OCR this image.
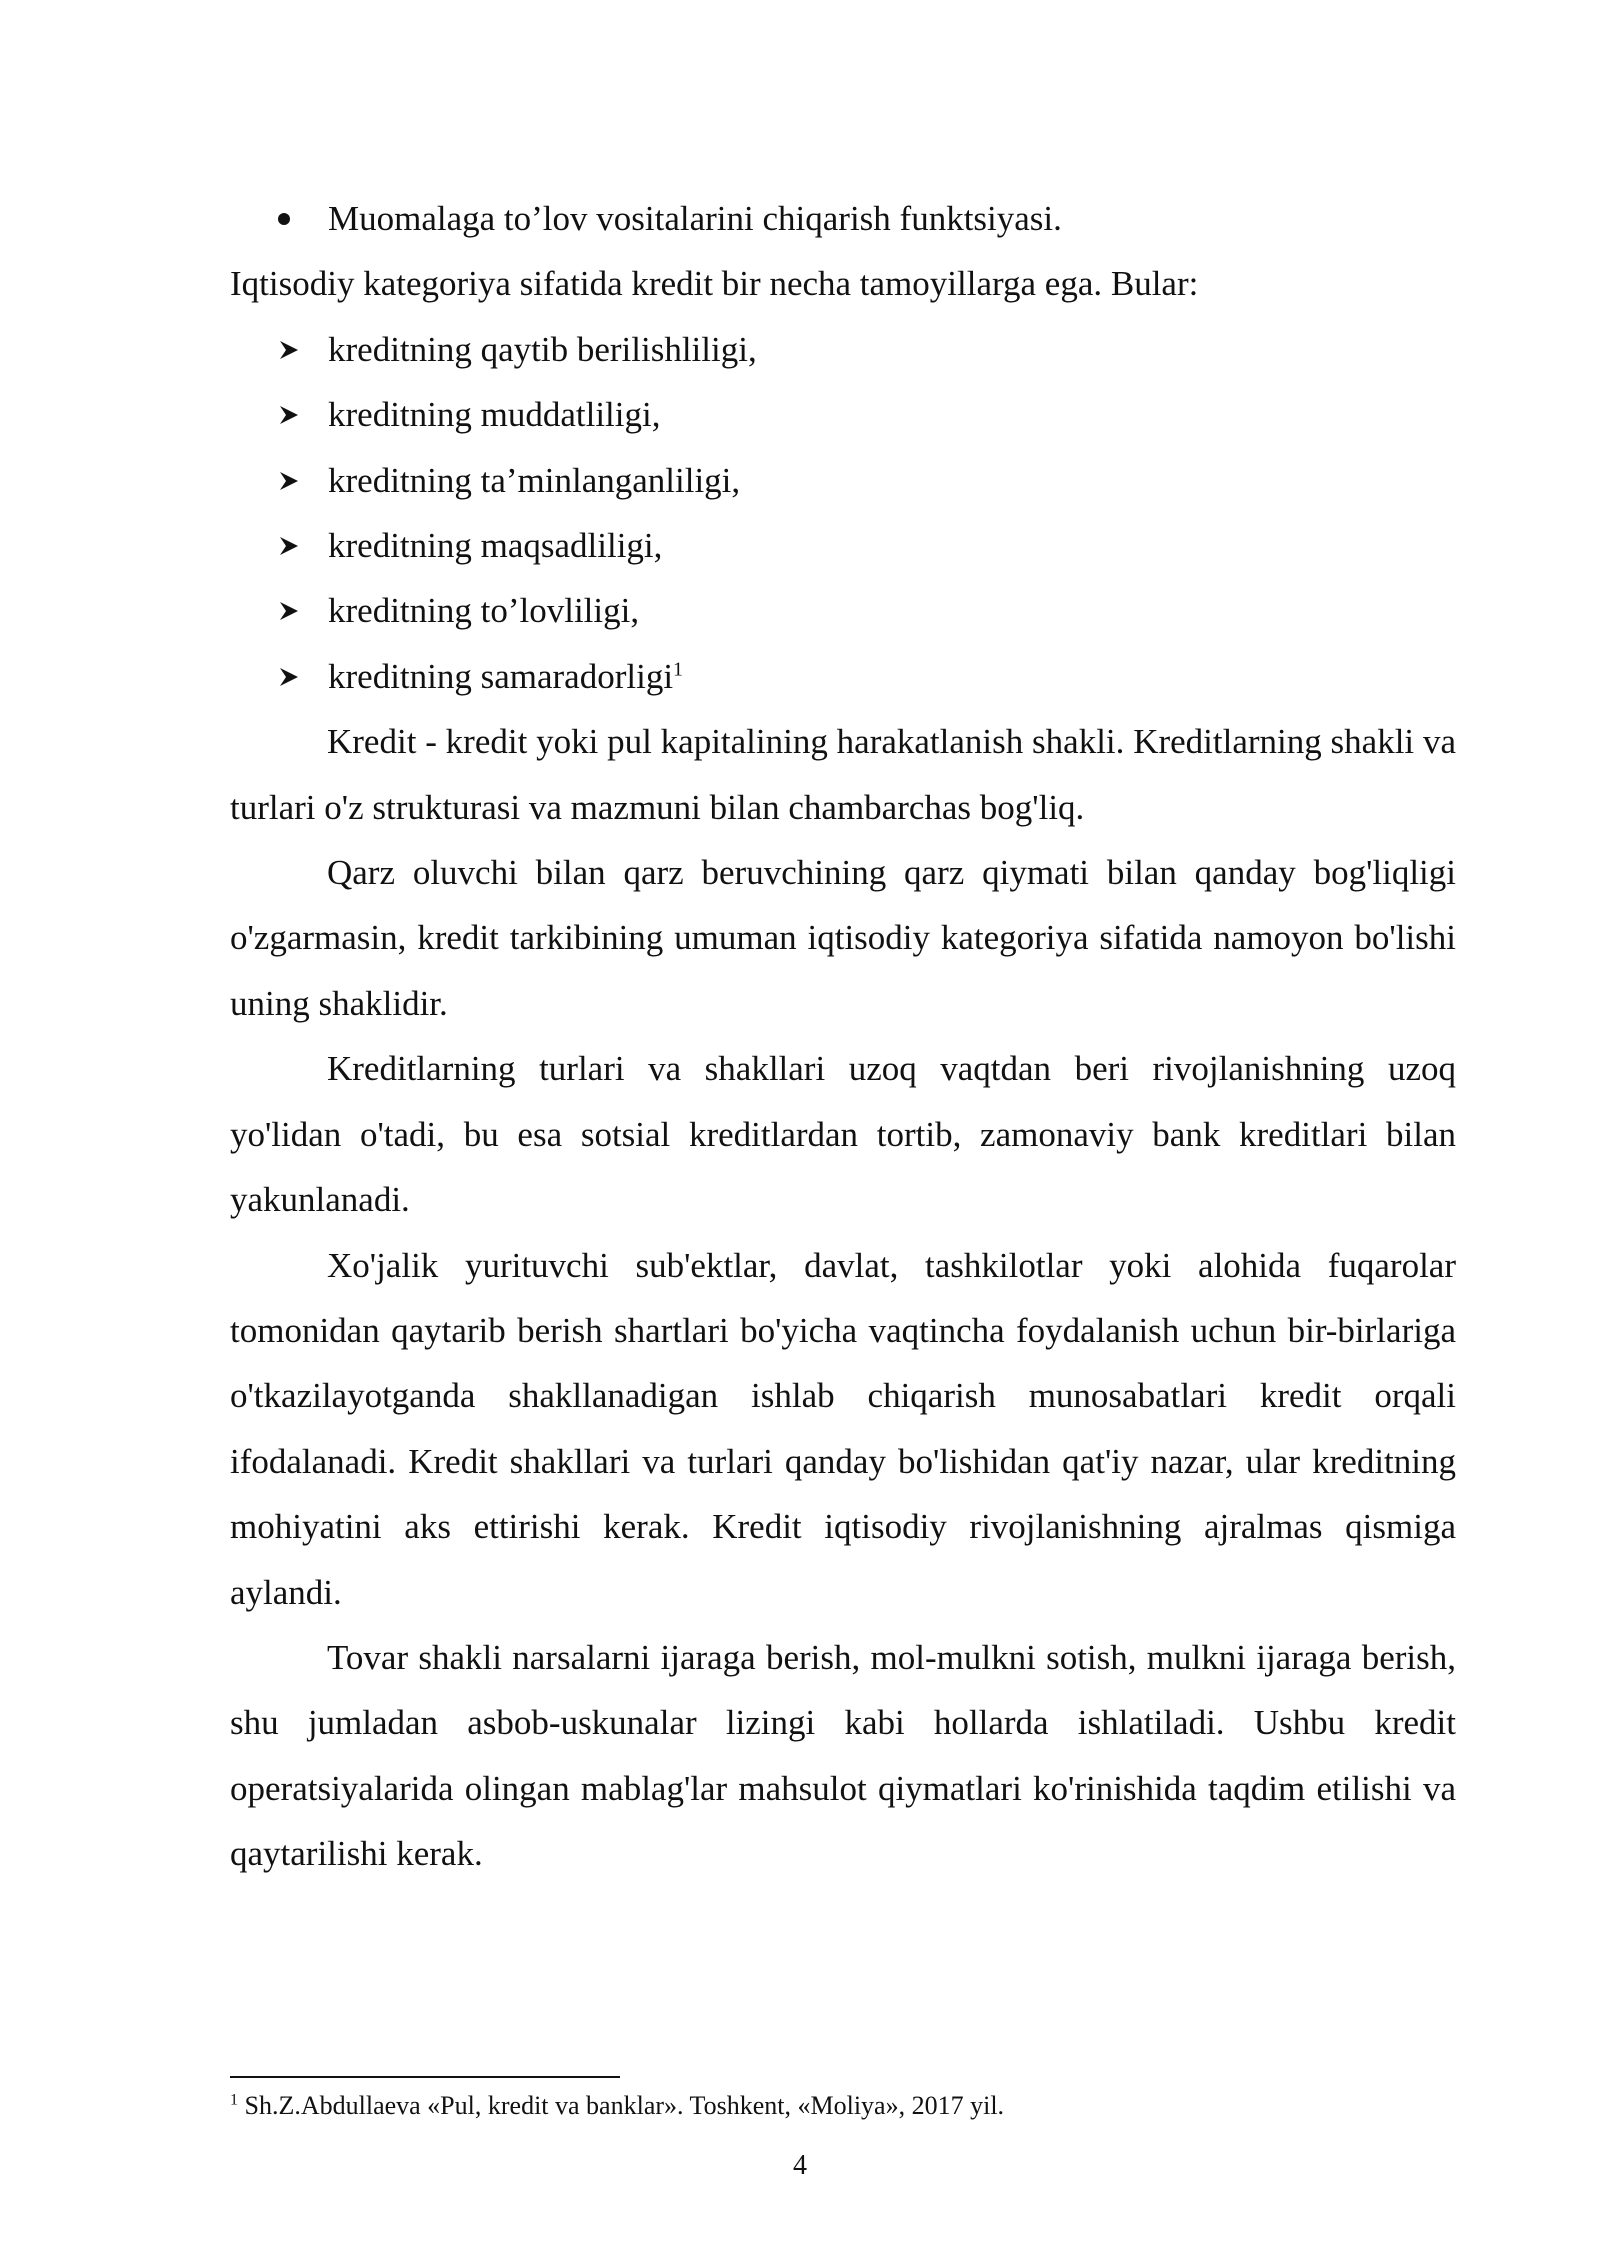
Muomalaga to’lov vositalarini chiqarish funktsiyasi.

Iqtisodiy kategoriya sifatida kredit bir necha tamoyillarga ega. Bular:

kreditning qaytib berilishliligi,
kreditning muddatliligi,
kreditning ta’minlanganliligi,
kreditning maqsadliligi,
kreditning to’lovliligi,
kreditning samaradorligi$^1$

Kredit - kredit yoki pul kapitalining harakatlanish shakli. Kreditlarning shakli va turlari o'z strukturasi va mazmuni bilan chambarchas bog'liq.

Qarz oluvchi bilan qarz beruvchining qarz qiymati bilan qanday bog'liqligi o'zgarmasin, kredit tarkibining umuman iqtisodiy kategoriya sifatida namoyon bo'lishi uning shaklidir.

Kreditlarning turlari va shakllari uzoq vaqtdan beri rivojlanishning uzoq yo'lidan o'tadi, bu esa sotsial kreditlardan tortib, zamonaviy bank kreditlari bilan yakunlanadi.

Xo'jalik yurituvchi sub'ektlar, davlat, tashkilotlar yoki alohida fuqarolar tomonidan qaytarib berish shartlari bo'yicha vaqtincha foydalanish uchun bir-birlariga o'tkazilayotganda shakllanadigan ishlab chiqarish munosabatlari kredit orqali ifodalanadi. Kredit shakllari va turlari qanday bo'lishidan qat'iy nazar, ular kreditning mohiyatini aks ettirishi kerak. Kredit iqtisodiy rivojlanishning ajralmas qismiga aylandi.

Tovar shakli narsalarni ijaraga berish, mol-mulkni sotish, mulkni ijaraga berish, shu jumladan asbob-uskunalar lizingi kabi hollarda ishlatiladi. Ushbu kredit operatsiyalarida olingan mablag'lar mahsulot qiymatlari ko'rinishida taqdim etilishi va qaytarilishi kerak.

$^1$ Sh.Z.Abdullaeva «Pul, kredit va banklar». Toshkent, «Moliya», 2017 yil.
4
